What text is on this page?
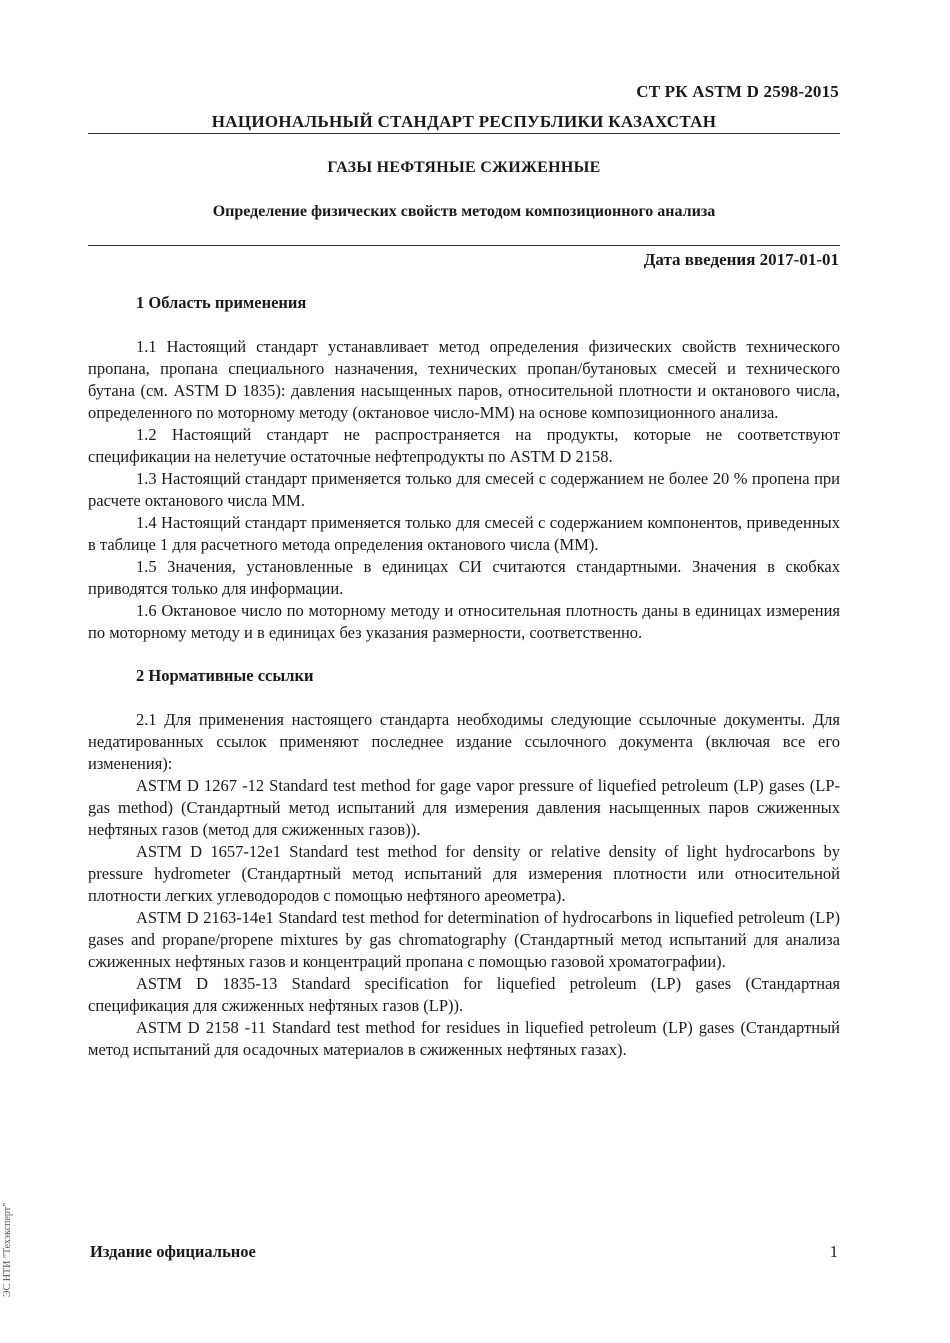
СТ РК ASTM D 2598-2015
НАЦИОНАЛЬНЫЙ СТАНДАРТ РЕСПУБЛИКИ КАЗАХСТАН
ГАЗЫ НЕФТЯНЫЕ СЖИЖЕННЫЕ
Определение физических свойств методом композиционного анализа
Дата введения 2017-01-01
1 Область применения

1.1 Настоящий стандарт устанавливает метод определения физических свойств технического пропана, пропана специального назначения, технических пропан/бутановых смесей и технического бутана (см. ASTM D 1835): давления насыщенных паров, относительной плотности и октанового числа, определенного по моторному методу (октановое число-ММ) на основе композиционного анализа.

1.2 Настоящий стандарт не распространяется на продукты, которые не соответствуют спецификации на нелетучие остаточные нефтепродукты по ASTM D 2158.

1.3 Настоящий стандарт применяется только для смесей с содержанием не более 20 % пропена при расчете октанового числа ММ.

1.4 Настоящий стандарт применяется только для смесей с содержанием компонентов, приведенных в таблице 1 для расчетного метода определения октанового числа (ММ).

1.5 Значения, установленные в единицах СИ считаются стандартными. Значения в скобках приводятся только для информации.

1.6 Октановое число по моторному методу и относительная плотность даны в единицах измерения по моторному методу и в единицах без указания размерности, соответственно.

2 Нормативные ссылки

2.1 Для применения настоящего стандарта необходимы следующие ссылочные документы. Для недатированных ссылок применяют последнее издание ссылочного документа (включая все его изменения):

ASTM D 1267 -12 Standard test method for gage vapor pressure of liquefied petroleum (LP) gases (LP-gas method) (Стандартный метод испытаний для измерения давления насыщенных паров сжиженных нефтяных газов (метод для сжиженных газов)).

ASTM D 1657-12e1 Standard test method for density or relative density of light hydrocarbons by pressure hydrometer (Стандартный метод испытаний для измерения плотности или относительной плотности легких углеводородов с помощью нефтяного ареометра).

ASTM D 2163-14e1 Standard test method for determination of hydrocarbons in liquefied petroleum (LP) gases and propane/propene mixtures by gas chromatography (Стандартный метод испытаний для анализа сжиженных нефтяных газов и концентраций пропана с помощью газовой хроматографии).

ASTM D 1835-13 Standard specification for liquefied petroleum (LP) gases (Стандартная спецификация для сжиженных нефтяных газов (LP)).

ASTM D 2158 -11 Standard test method for residues in liquefied petroleum (LP) gases (Стандартный метод испытаний для осадочных материалов в сжиженных нефтяных газах).

Издание официальное	1
ЭС НТИ "Техэксперт"
